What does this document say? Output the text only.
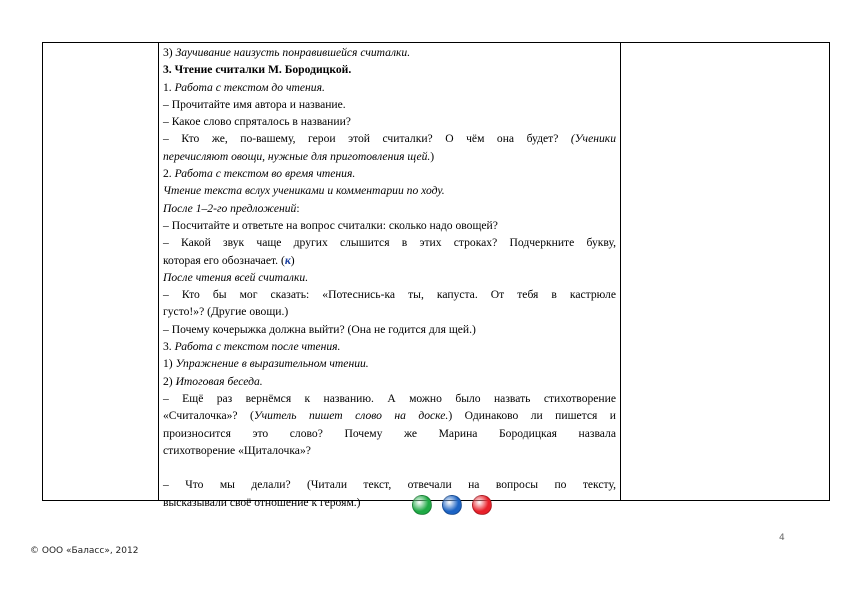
3) Заучивание наизусть понравившейся считалки.
3. Чтение считалки М. Бородицкой.
1. Работа с текстом до чтения.
– Прочитайте имя автора и название.
– Какое слово спряталось в названии?
– Кто же, по-вашему, герои этой считалки? О чём она будет? (Ученики
перечисляют овощи, нужные для приготовления щей.)
2. Работа с текстом во время чтения.
Чтение текста вслух учениками и комментарии по ходу.
После 1–2-го предложений:
– Посчитайте и ответьте на вопрос считалки: сколько надо овощей?
– Какой звук чаще других слышится в этих строках? Подчеркните букву,
которая его обозначает. (к)
После чтения всей считалки.
– Кто бы мог сказать: «Потеснись-ка ты, капуста. От тебя в кастрюле
густо!»? (Другие овощи.)
– Почему кочерыжка должна выйти? (Она не годится для щей.)
3. Работа с текстом после чтения.
1) Упражнение в выразительном чтении.
2) Итоговая беседа.
– Ещё раз вернёмся к названию. А можно было назвать стихотворение
«Считалочка»? (Учитель пишет слово на доске.) Одинаково ли пишется и
произносится это слово? Почему же Марина Бородицкая назвала
стихотворение «Щиталочка»?
– Что мы делали? (Читали текст, отвечали на вопросы по тексту,
высказывали своё отношение к героям.)
4
© ООО «Баласс», 2012
